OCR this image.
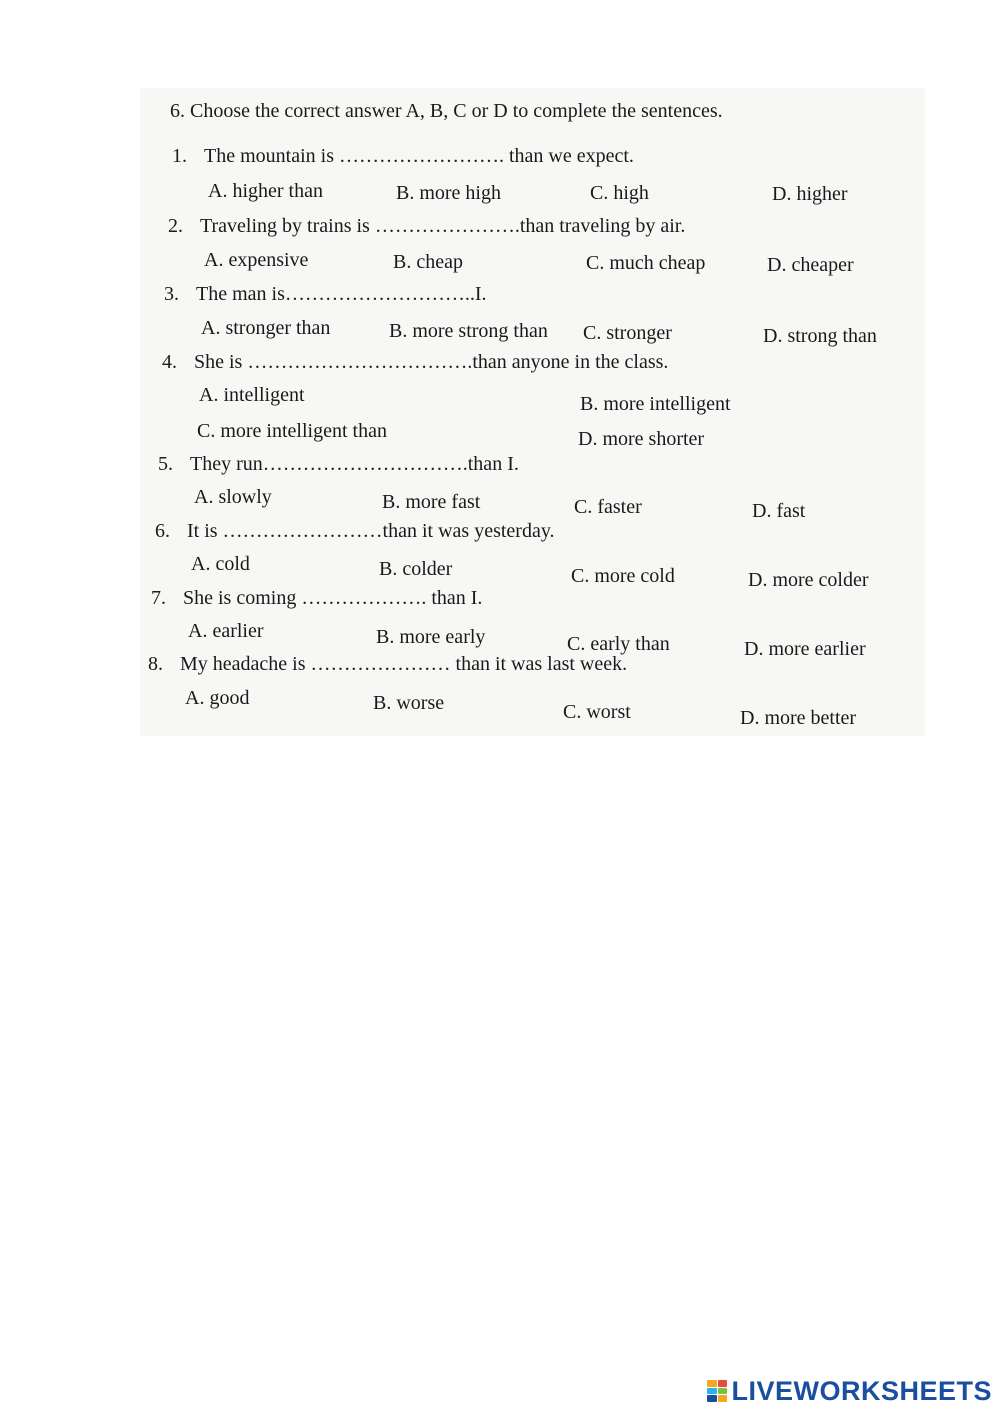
6. Choose the correct answer A, B, C or D to complete the sentences.
1. The mountain is ……………………. than we expect.
A. higher than	B. more high	C. high	D. higher
2. Traveling by trains is ………………….than traveling by air.
A. expensive	B. cheap	C. much cheap	D. cheaper
3. The man is………………………..I.
A. stronger than	B. more strong than C. stronger	D. strong than
4. She is …………………………….than anyone in the class.
A. intelligent	B. more intelligent
C. more intelligent than	D. more shorter
5. They run………………………….than I.
A. slowly	B. more fast	C. faster	D. fast
6. It is ……………………than it was yesterday.
A. cold	B. colder	C. more cold	D. more colder
7. She is coming ………………. than I.
A. earlier	B. more early	C. early than	D. more earlier
8. My headache is ………………… than it was last week.
A. good	B. worse	C. worst	D. more better
LIVEWORKSHEETS
